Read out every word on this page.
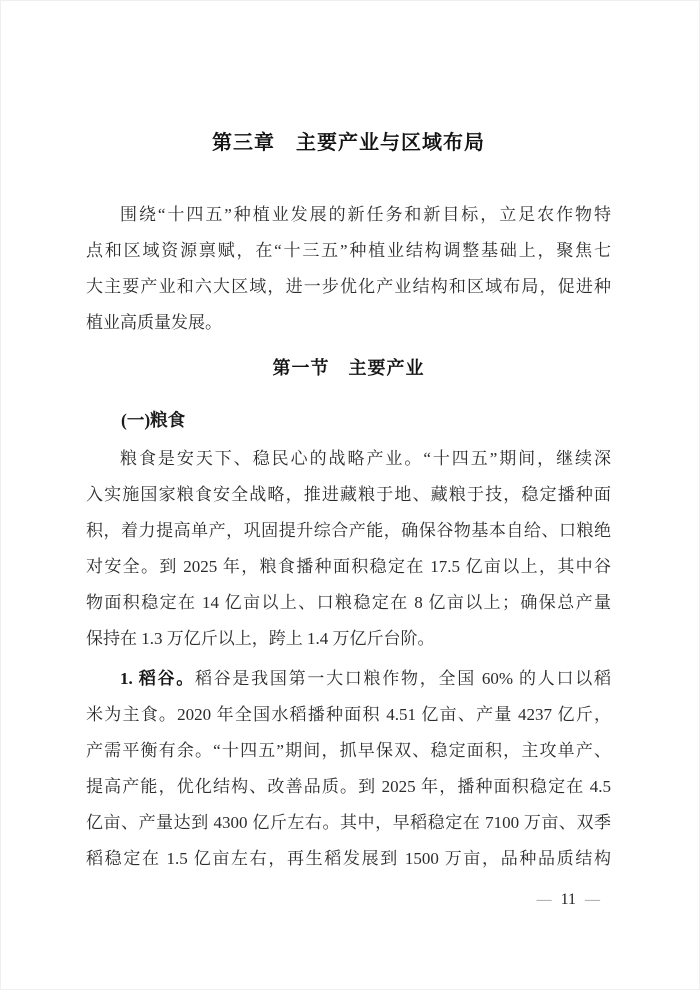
第三章　主要产业与区域布局
围绕“十四五”种植业发展的新任务和新目标，立足农作物特
点和区域资源禀赋，在“十三五”种植业结构调整基础上，聚焦七
大主要产业和六大区域，进一步优化产业结构和区域布局，促进种
植业高质量发展。
第一节　主要产业
(一)粮食
粮食是安天下、稳民心的战略产业。“十四五”期间，继续深
入实施国家粮食安全战略，推进藏粮于地、藏粮于技，稳定播种面
积，着力提高单产，巩固提升综合产能，确保谷物基本自给、口粮绝
对安全。到 2025 年，粮食播种面积稳定在 17.5 亿亩以上，其中谷
物面积稳定在 14 亿亩以上、口粮稳定在 8 亿亩以上；确保总产量
保持在 1.3 万亿斤以上，跨上 1.4 万亿斤台阶。
1. 稻谷。稻谷是我国第一大口粮作物，全国 60% 的人口以稻
米为主食。2020 年全国水稻播种面积 4.51 亿亩、产量 4237 亿斤，
产需平衡有余。“十四五”期间，抓早保双、稳定面积，主攻单产、
提高产能，优化结构、改善品质。到 2025 年，播种面积稳定在 4.5
亿亩、产量达到 4300 亿斤左右。其中，早稻稳定在 7100 万亩、双季
稻稳定在 1.5 亿亩左右，再生稻发展到 1500 万亩，品种品质结构
— 11 —
